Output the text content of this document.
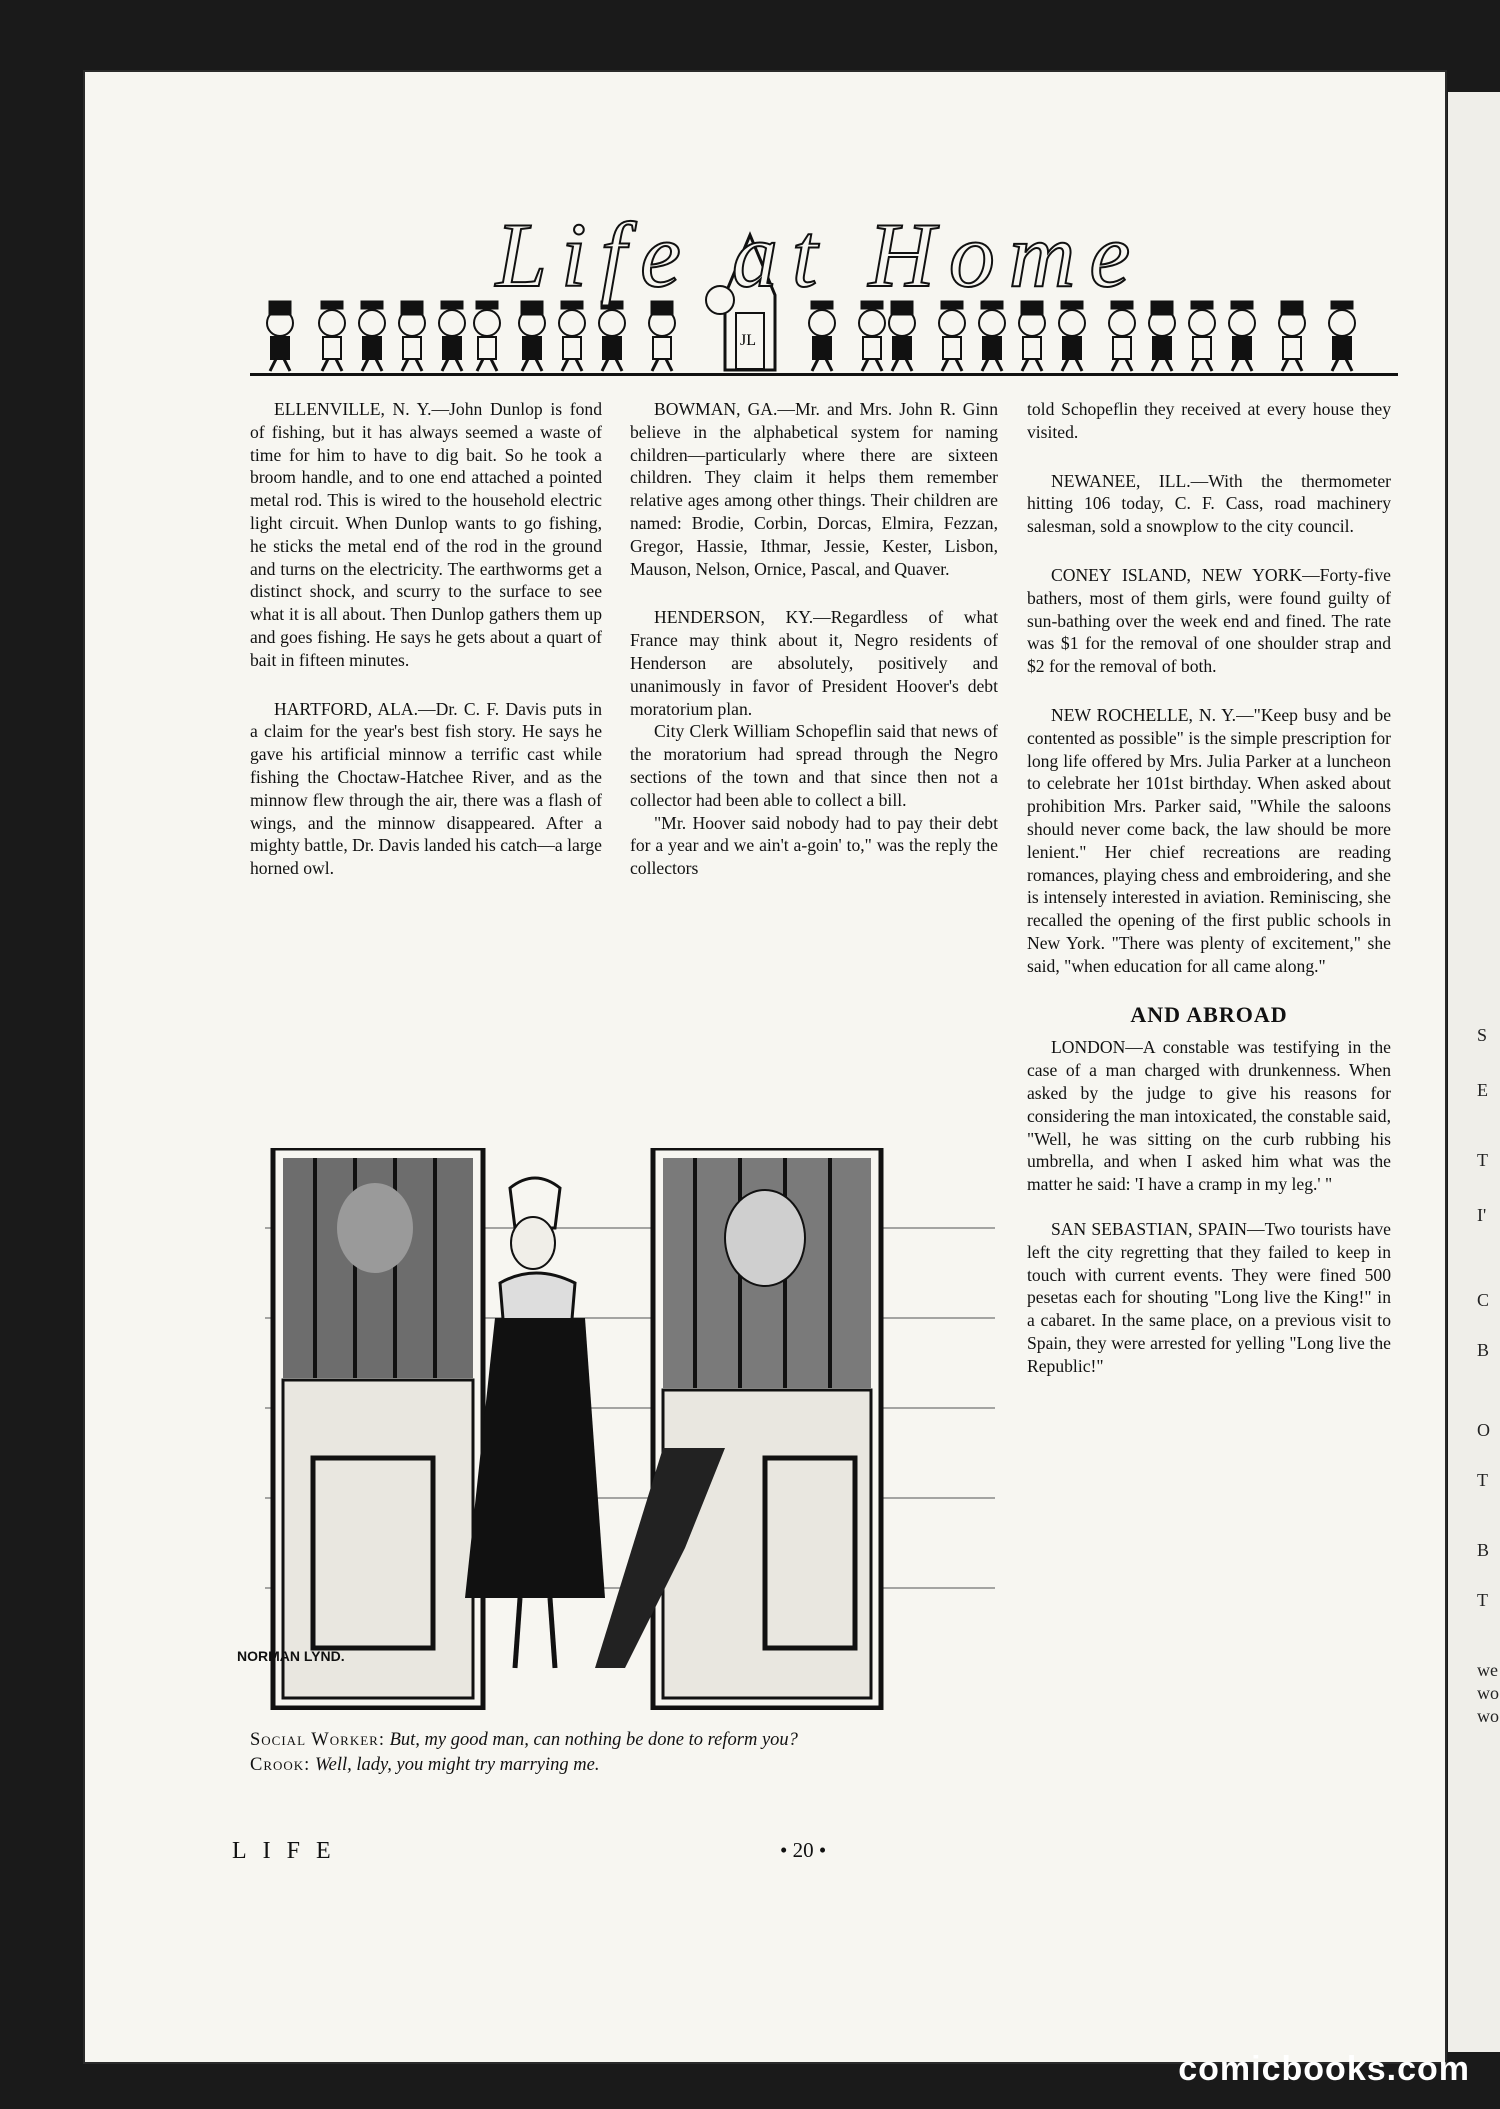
S
E
T
I'
C
B
O
T
B
T
we
wo
wo
JL
Life at Home

ELLENVILLE, N. Y.—John Dunlop is fond of fishing, but it has always seemed a waste of time for him to have to dig bait. So he took a broom handle, and to one end attached a pointed metal rod. This is wired to the household electric light circuit. When Dunlop wants to go fishing, he sticks the metal end of the rod in the ground and turns on the electricity. The earthworms get a distinct shock, and scurry to the surface to see what it is all about. Then Dunlop gathers them up and goes fishing. He says he gets about a quart of bait in fifteen minutes.

HARTFORD, ALA.—Dr. C. F. Davis puts in a claim for the year's best fish story. He says he gave his artificial minnow a terrific cast while fishing the Choctaw-Hatchee River, and as the minnow flew through the air, there was a flash of wings, and the minnow disappeared. After a mighty battle, Dr. Davis landed his catch—a large horned owl.

BOWMAN, GA.—Mr. and Mrs. John R. Ginn believe in the alphabetical system for naming children—particularly where there are sixteen children. They claim it helps them remember relative ages among other things. Their children are named: Brodie, Corbin, Dorcas, Elmira, Fezzan, Gregor, Hassie, Ithmar, Jessie, Kester, Lisbon, Mauson, Nelson, Ornice, Pascal, and Quaver.

HENDERSON, KY.—Regardless of what France may think about it, Negro residents of Henderson are absolutely, positively and unanimously in favor of President Hoover's debt moratorium plan.

City Clerk William Schopeflin said that news of the moratorium had spread through the Negro sections of the town and that since then not a collector had been able to collect a bill.

"Mr. Hoover said nobody had to pay their debt for a year and we ain't a-goin' to," was the reply the collectors

told Schopeflin they received at every house they visited.

NEWANEE, ILL.—With the thermometer hitting 106 today, C. F. Cass, road machinery salesman, sold a snowplow to the city council.

CONEY ISLAND, NEW YORK—Forty-five bathers, most of them girls, were found guilty of sun-bathing over the week end and fined. The rate was $1 for the removal of one shoulder strap and $2 for the removal of both.

NEW ROCHELLE, N. Y.—"Keep busy and be contented as possible" is the simple prescription for long life offered by Mrs. Julia Parker at a luncheon to celebrate her 101st birthday. When asked about prohibition Mrs. Parker said, "While the saloons should never come back, the law should be more lenient." Her chief recreations are reading romances, playing chess and embroidering, and she is intensely interested in aviation. Reminiscing, she recalled the opening of the first public schools in New York. "There was plenty of excitement," she said, "when education for all came along."

AND ABROAD

LONDON—A constable was testifying in the case of a man charged with drunkenness. When asked by the judge to give his reasons for considering the man intoxicated, the constable said, "Well, he was sitting on the curb rubbing his umbrella, and when I asked him what was the matter he said: 'I have a cramp in my leg.' "

SAN SEBASTIAN, SPAIN—Two tourists have left the city regretting that they failed to keep in touch with current events. They were fined 500 pesetas each for shouting "Long live the King!" in a cabaret. In the same place, on a previous visit to Spain, they were arrested for yelling "Long live the Republic!"

NORMAN LYND.
Social Worker: But, my good man, can nothing be done to reform you?
Crook: Well, lady, you might try marrying me.
LIFE	• 20 •
comicbooks.com
